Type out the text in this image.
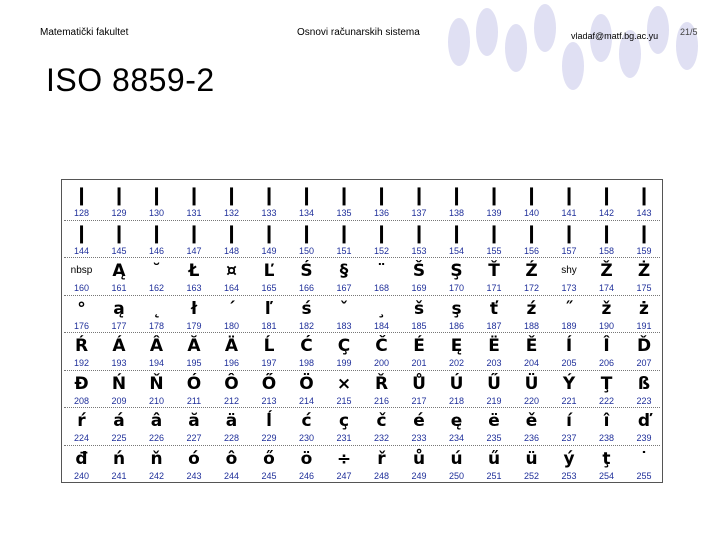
Matematički fakultet	Osnovi računarskih sistema	vladaf@matf.bg.ac.yu 21/5
ISO 8859-2
❙
128
❙
129
❙
130
❙
131
❙
132
❙
133
❙
134
❙
135
❙
136
❙
137
❙
138
❙
139
❙
140
❙
141
❙
142
❙
143
❙
144
❙
145
❙
146
❙
147
❙
148
❙
149
❙
150
❙
151
❙
152
❙
153
❙
154
❙
155
❙
156
❙
157
❙
158
❙
159
nbsp
160
Ą
161
˘
162
Ł
163
¤
164
Ľ
165
Ś
166
§
167
¨
168
Š
169
Ş
170
Ť
171
Ź
172
shy
173
Ž
174
Ż
175
°
176
ą
177
˛
178
ł
179
´
180
ľ
181
ś
182
ˇ
183
¸
184
š
185
ş
186
ť
187
ź
188
˝
189
ž
190
ż
191
Ŕ
192
Á
193
Â
194
Ă
195
Ä
196
Ĺ
197
Ć
198
Ç
199
Č
200
É
201
Ę
202
Ë
203
Ě
204
Í
205
Î
206
Ď
207
Đ
208
Ń
209
Ň
210
Ó
211
Ô
212
Ő
213
Ö
214
×
215
Ř
216
Ů
217
Ú
218
Ű
219
Ü
220
Ý
221
Ţ
222
ß
223
ŕ
224
á
225
â
226
ă
227
ä
228
ĺ
229
ć
230
ç
231
č
232
é
233
ę
234
ë
235
ě
236
í
237
î
238
ď
239
đ
240
ń
241
ň
242
ó
243
ô
244
ő
245
ö
246
÷
247
ř
248
ů
249
ú
250
ű
251
ü
252
ý
253
ţ
254
˙
255
